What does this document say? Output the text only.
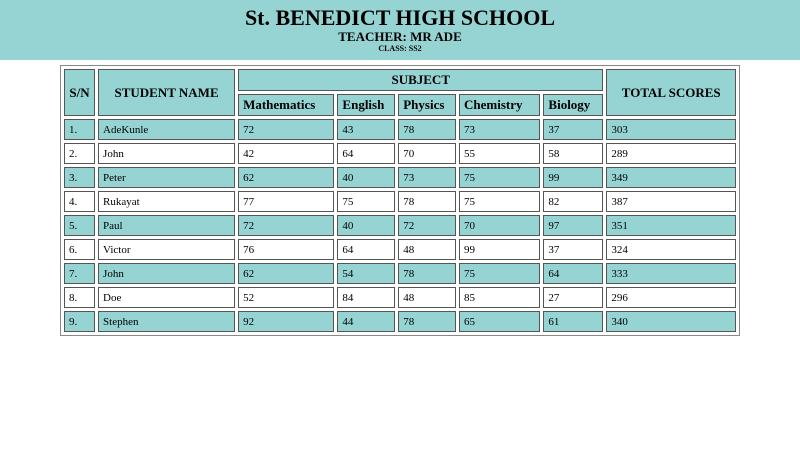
St. BENEDICT HIGH SCHOOL
TEACHER: MR ADE
CLASS: SS2
S/N	STUDENT NAME	SUBJECT					TOTAL SCORES
		Mathematics	English	Physics	Chemistry	Biology	
1.	AdeKunle	72	43	78	73	37	303
2.	John	42	64	70	55	58	289
3.	Peter	62	40	73	75	99	349
4.	Rukayat	77	75	78	75	82	387
5.	Paul	72	40	72	70	97	351
6.	Victor	76	64	48	99	37	324
7.	John	62	54	78	75	64	333
8.	Doe	52	84	48	85	27	296
9.	Stephen	92	44	78	65	61	340
